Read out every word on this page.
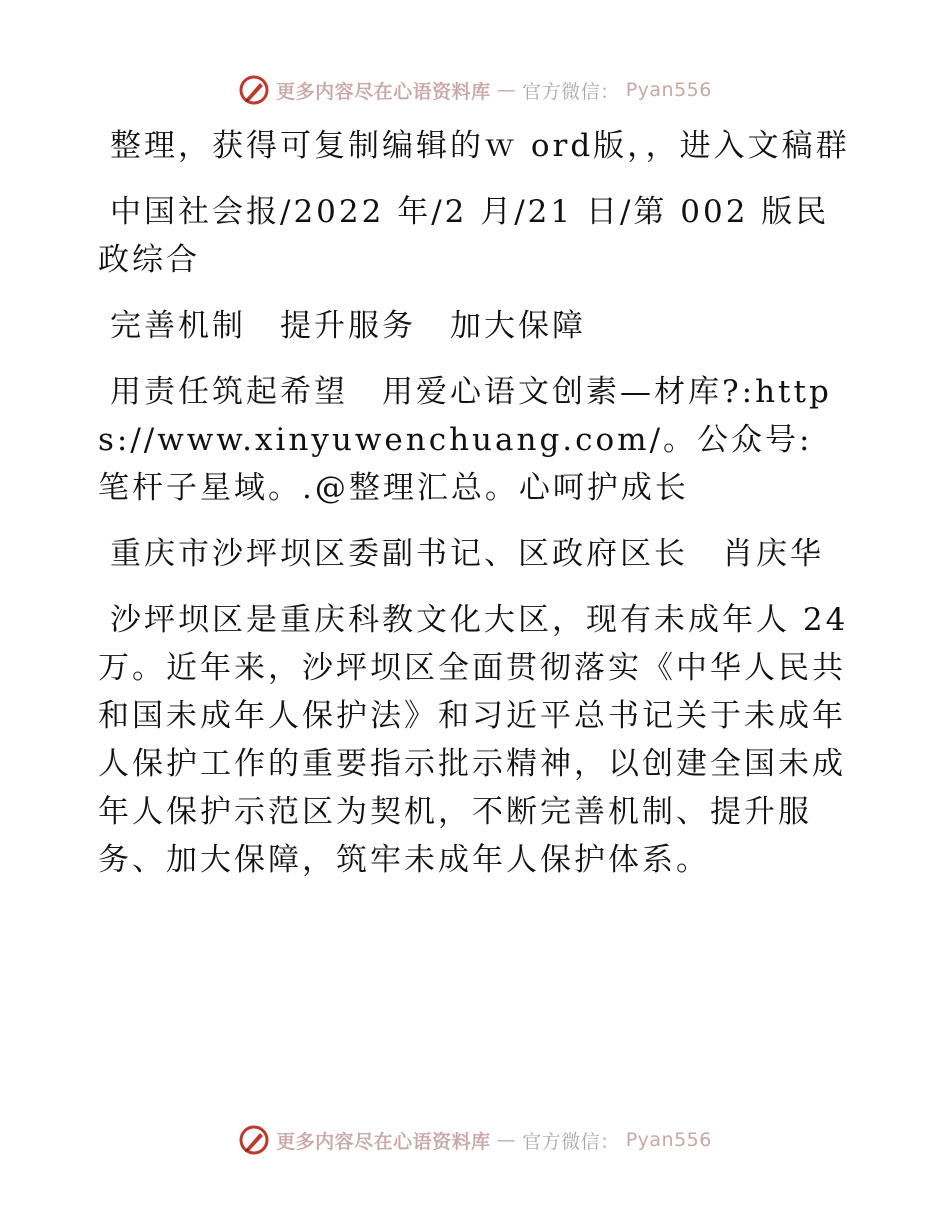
更多内容尽在心语资料库 — 官方微信： Pyan556

整理，获得可复制编辑的ｗ ord版，，进入文稿群

中国社会报/2022 年/2 月/21 日/第 002 版民政综合

完善机制　提升服务　加大保障

用责任筑起希望　用爱心语文创素—材库?:https://www.xinyuwenchuang.com/。公众号: 笔杆子星域。.@整理汇总。心呵护成长

重庆市沙坪坝区委副书记、区政府区长　肖庆华

沙坪坝区是重庆科教文化大区，现有未成年人 24万。近年来，沙坪坝区全面贯彻落实《中华人民共和国未成年人保护法》和习近平总书记关于未成年人保护工作的重要指示批示精神，以创建全国未成年人保护示范区为契机，不断完善机制、提升服务、加大保障，筑牢未成年人保护体系。

更多内容尽在心语资料库 — 官方微信： Pyan556
